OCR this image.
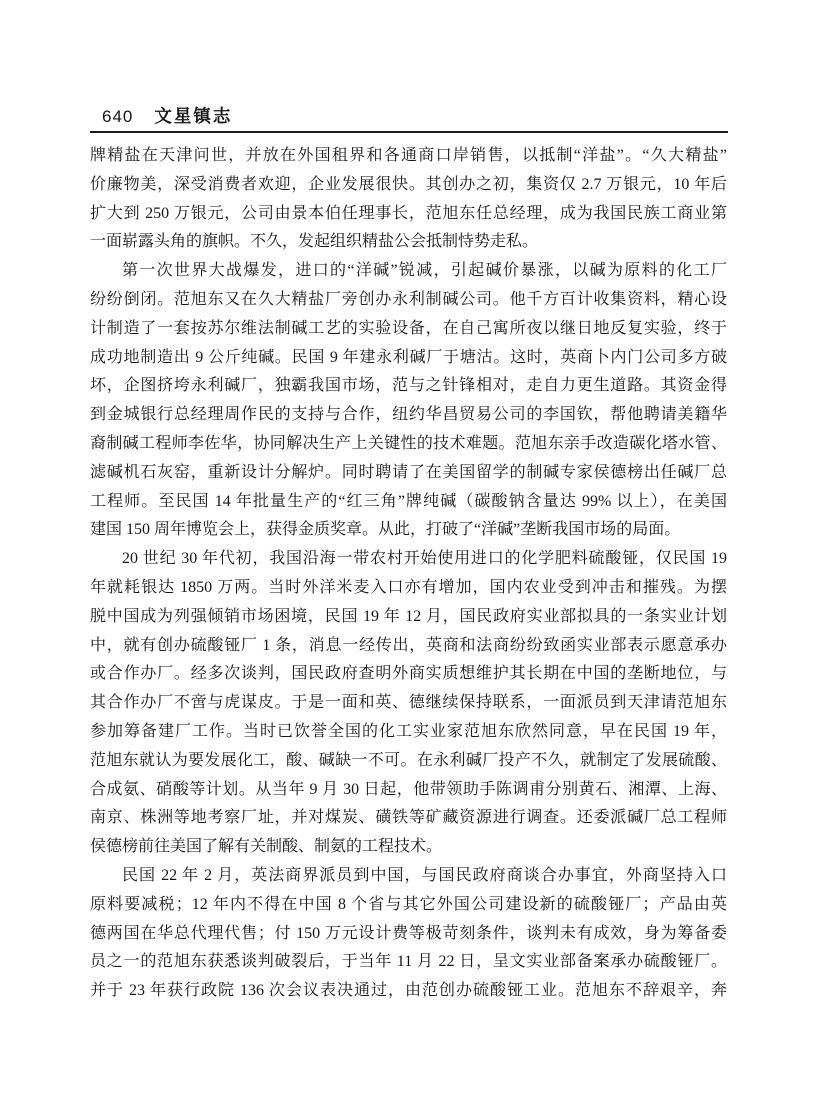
640 文星镇志
牌精盐在天津问世，并放在外国租界和各通商口岸销售，以抵制“洋盐”。“久大精盐”
价廉物美，深受消费者欢迎，企业发展很快。其创办之初，集资仅 2.7 万银元，10 年后
扩大到 250 万银元，公司由景本伯任理事长，范旭东任总经理，成为我国民族工商业第
一面崭露头角的旗帜。不久，发起组织精盐公会抵制恃势走私。
第一次世界大战爆发，进口的“洋碱”锐减，引起碱价暴涨，以碱为原料的化工厂
纷纷倒闭。范旭东又在久大精盐厂旁创办永利制碱公司。他千方百计收集资料，精心设
计制造了一套按苏尔维法制碱工艺的实验设备，在自己寓所夜以继日地反复实验，终于
成功地制造出 9 公斤纯碱。民国 9 年建永利碱厂于塘沽。这时，英商卜内门公司多方破
坏，企图挤垮永利碱厂，独霸我国市场，范与之针锋相对，走自力更生道路。其资金得
到金城银行总经理周作民的支持与合作，纽约华昌贸易公司的李国钦，帮他聘请美籍华
裔制碱工程师李佐华，协同解决生产上关键性的技术难题。范旭东亲手改造碳化塔水管、
滤碱机石灰窑，重新设计分解炉。同时聘请了在美国留学的制碱专家侯德榜出任碱厂总
工程师。至民国 14 年批量生产的“红三角”牌纯碱（碳酸钠含量达 99% 以上），在美国
建国 150 周年博览会上，获得金质奖章。从此，打破了“洋碱”垄断我国市场的局面。
20 世纪 30 年代初，我国沿海一带农村开始使用进口的化学肥料硫酸铔，仅民国 19
年就耗银达 1850 万两。当时外洋米麦入口亦有增加，国内农业受到冲击和摧残。为摆
脱中国成为列强倾销市场困境，民国 19 年 12 月，国民政府实业部拟具的一条实业计划
中，就有创办硫酸铔厂 1 条，消息一经传出，英商和法商纷纷致函实业部表示愿意承办
或合作办厂。经多次谈判，国民政府查明外商实质想维护其长期在中国的垄断地位，与
其合作办厂不啻与虎谋皮。于是一面和英、德继续保持联系，一面派员到天津请范旭东
参加筹备建厂工作。当时已饮誉全国的化工实业家范旭东欣然同意，早在民国 19 年，
范旭东就认为要发展化工，酸、碱缺一不可。在永利碱厂投产不久，就制定了发展硫酸、
合成氨、硝酸等计划。从当年 9 月 30 日起，他带领助手陈调甫分别黄石、湘潭、上海、
南京、株洲等地考察厂址，并对煤炭、磺铁等矿藏资源进行调查。还委派碱厂总工程师
侯德榜前往美国了解有关制酸、制氨的工程技术。
民国 22 年 2 月，英法商界派员到中国，与国民政府商谈合办事宜，外商坚持入口
原料要减税；12 年内不得在中国 8 个省与其它外国公司建设新的硫酸铔厂；产品由英
德两国在华总代理代售；付 150 万元设计费等极苛刻条件，谈判未有成效，身为筹备委
员之一的范旭东获悉谈判破裂后，于当年 11 月 22 日，呈文实业部备案承办硫酸铔厂。
并于 23 年获行政院 136 次会议表决通过，由范创办硫酸铔工业。范旭东不辞艰辛，奔
